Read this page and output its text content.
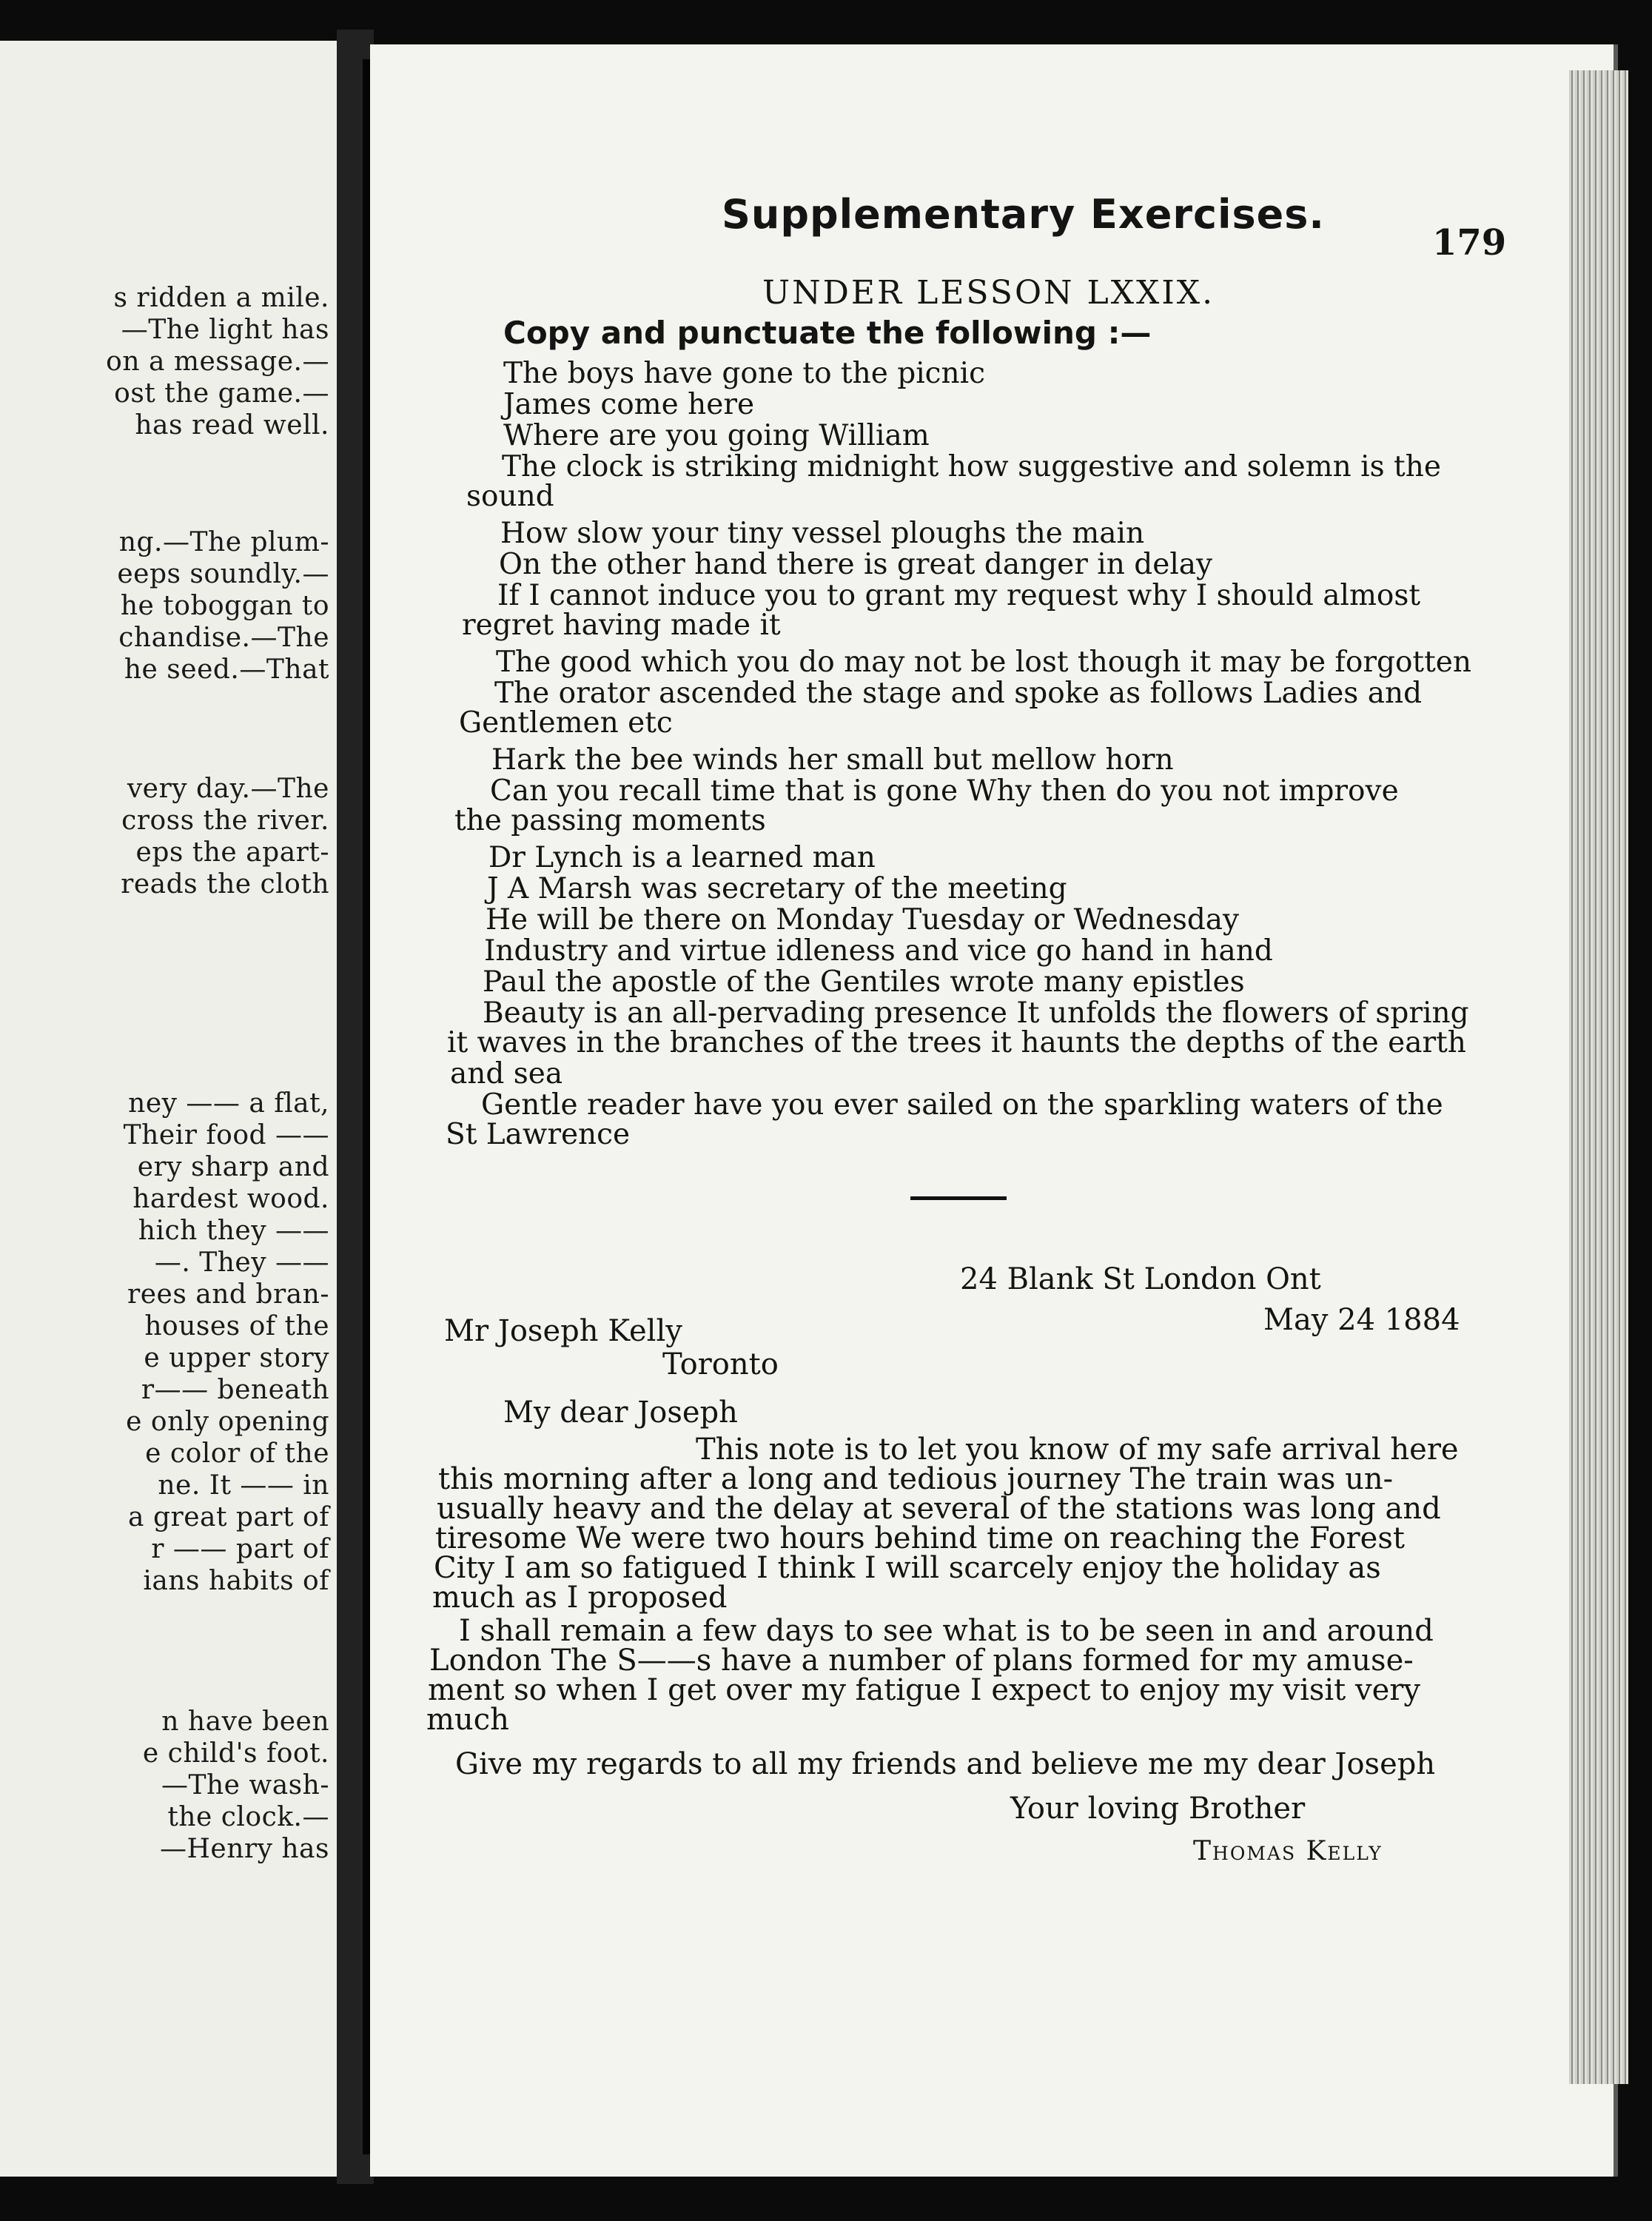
s ridden a mile.
—The light has
on a message.—
ost the game.—
has read well.
ng.—The plum-
eeps soundly.—
he toboggan to
chandise.—The
he seed.—That
very day.—The
cross the river.
eps the apart-
reads the cloth
ney —— a flat,
Their food ——
ery sharp and
hardest wood.
hich they ——
—. They ——
rees and bran-
houses of the
e upper story
r—— beneath
e only opening
e color of the
ne. It —— in
a great part of
r —— part of
ians habits of
n have been
e child's foot.
—The wash-
the clock.—
—Henry has
Supplementary Exercises.
179
UNDER LESSON LXXIX.
Copy and punctuate the following :—
The boys have gone to the picnic
James come here
Where are you going William
The clock is striking midnight how suggestive and solemn is the
sound
How slow your tiny vessel ploughs the main
On the other hand there is great danger in delay
If I cannot induce you to grant my request why I should almost
regret having made it
The good which you do may not be lost though it may be forgotten
The orator ascended the stage and spoke as follows Ladies and
Gentlemen etc
Hark the bee winds her small but mellow horn
Can you recall time that is gone Why then do you not improve
the passing moments
Dr Lynch is a learned man
J A Marsh was secretary of the meeting
He will be there on Monday Tuesday or Wednesday
Industry and virtue idleness and vice go hand in hand
Paul the apostle of the Gentiles wrote many epistles
Beauty is an all-pervading presence It unfolds the flowers of spring
it waves in the branches of the trees it haunts the depths of the earth
and sea
Gentle reader have you ever sailed on the sparkling waters of the
St Lawrence
24 Blank St London Ont
May 24 1884
Mr Joseph Kelly
Toronto
My dear Joseph
This note is to let you know of my safe arrival here
this morning after a long and tedious journey The train was un-
usually heavy and the delay at several of the stations was long and
tiresome We were two hours behind time on reaching the Forest
City I am so fatigued I think I will scarcely enjoy the holiday as
much as I proposed
I shall remain a few days to see what is to be seen in and around
London The S——s have a number of plans formed for my amuse-
ment so when I get over my fatigue I expect to enjoy my visit very
much
Give my regards to all my friends and believe me my dear Joseph
Your loving Brother
Thomas Kelly
